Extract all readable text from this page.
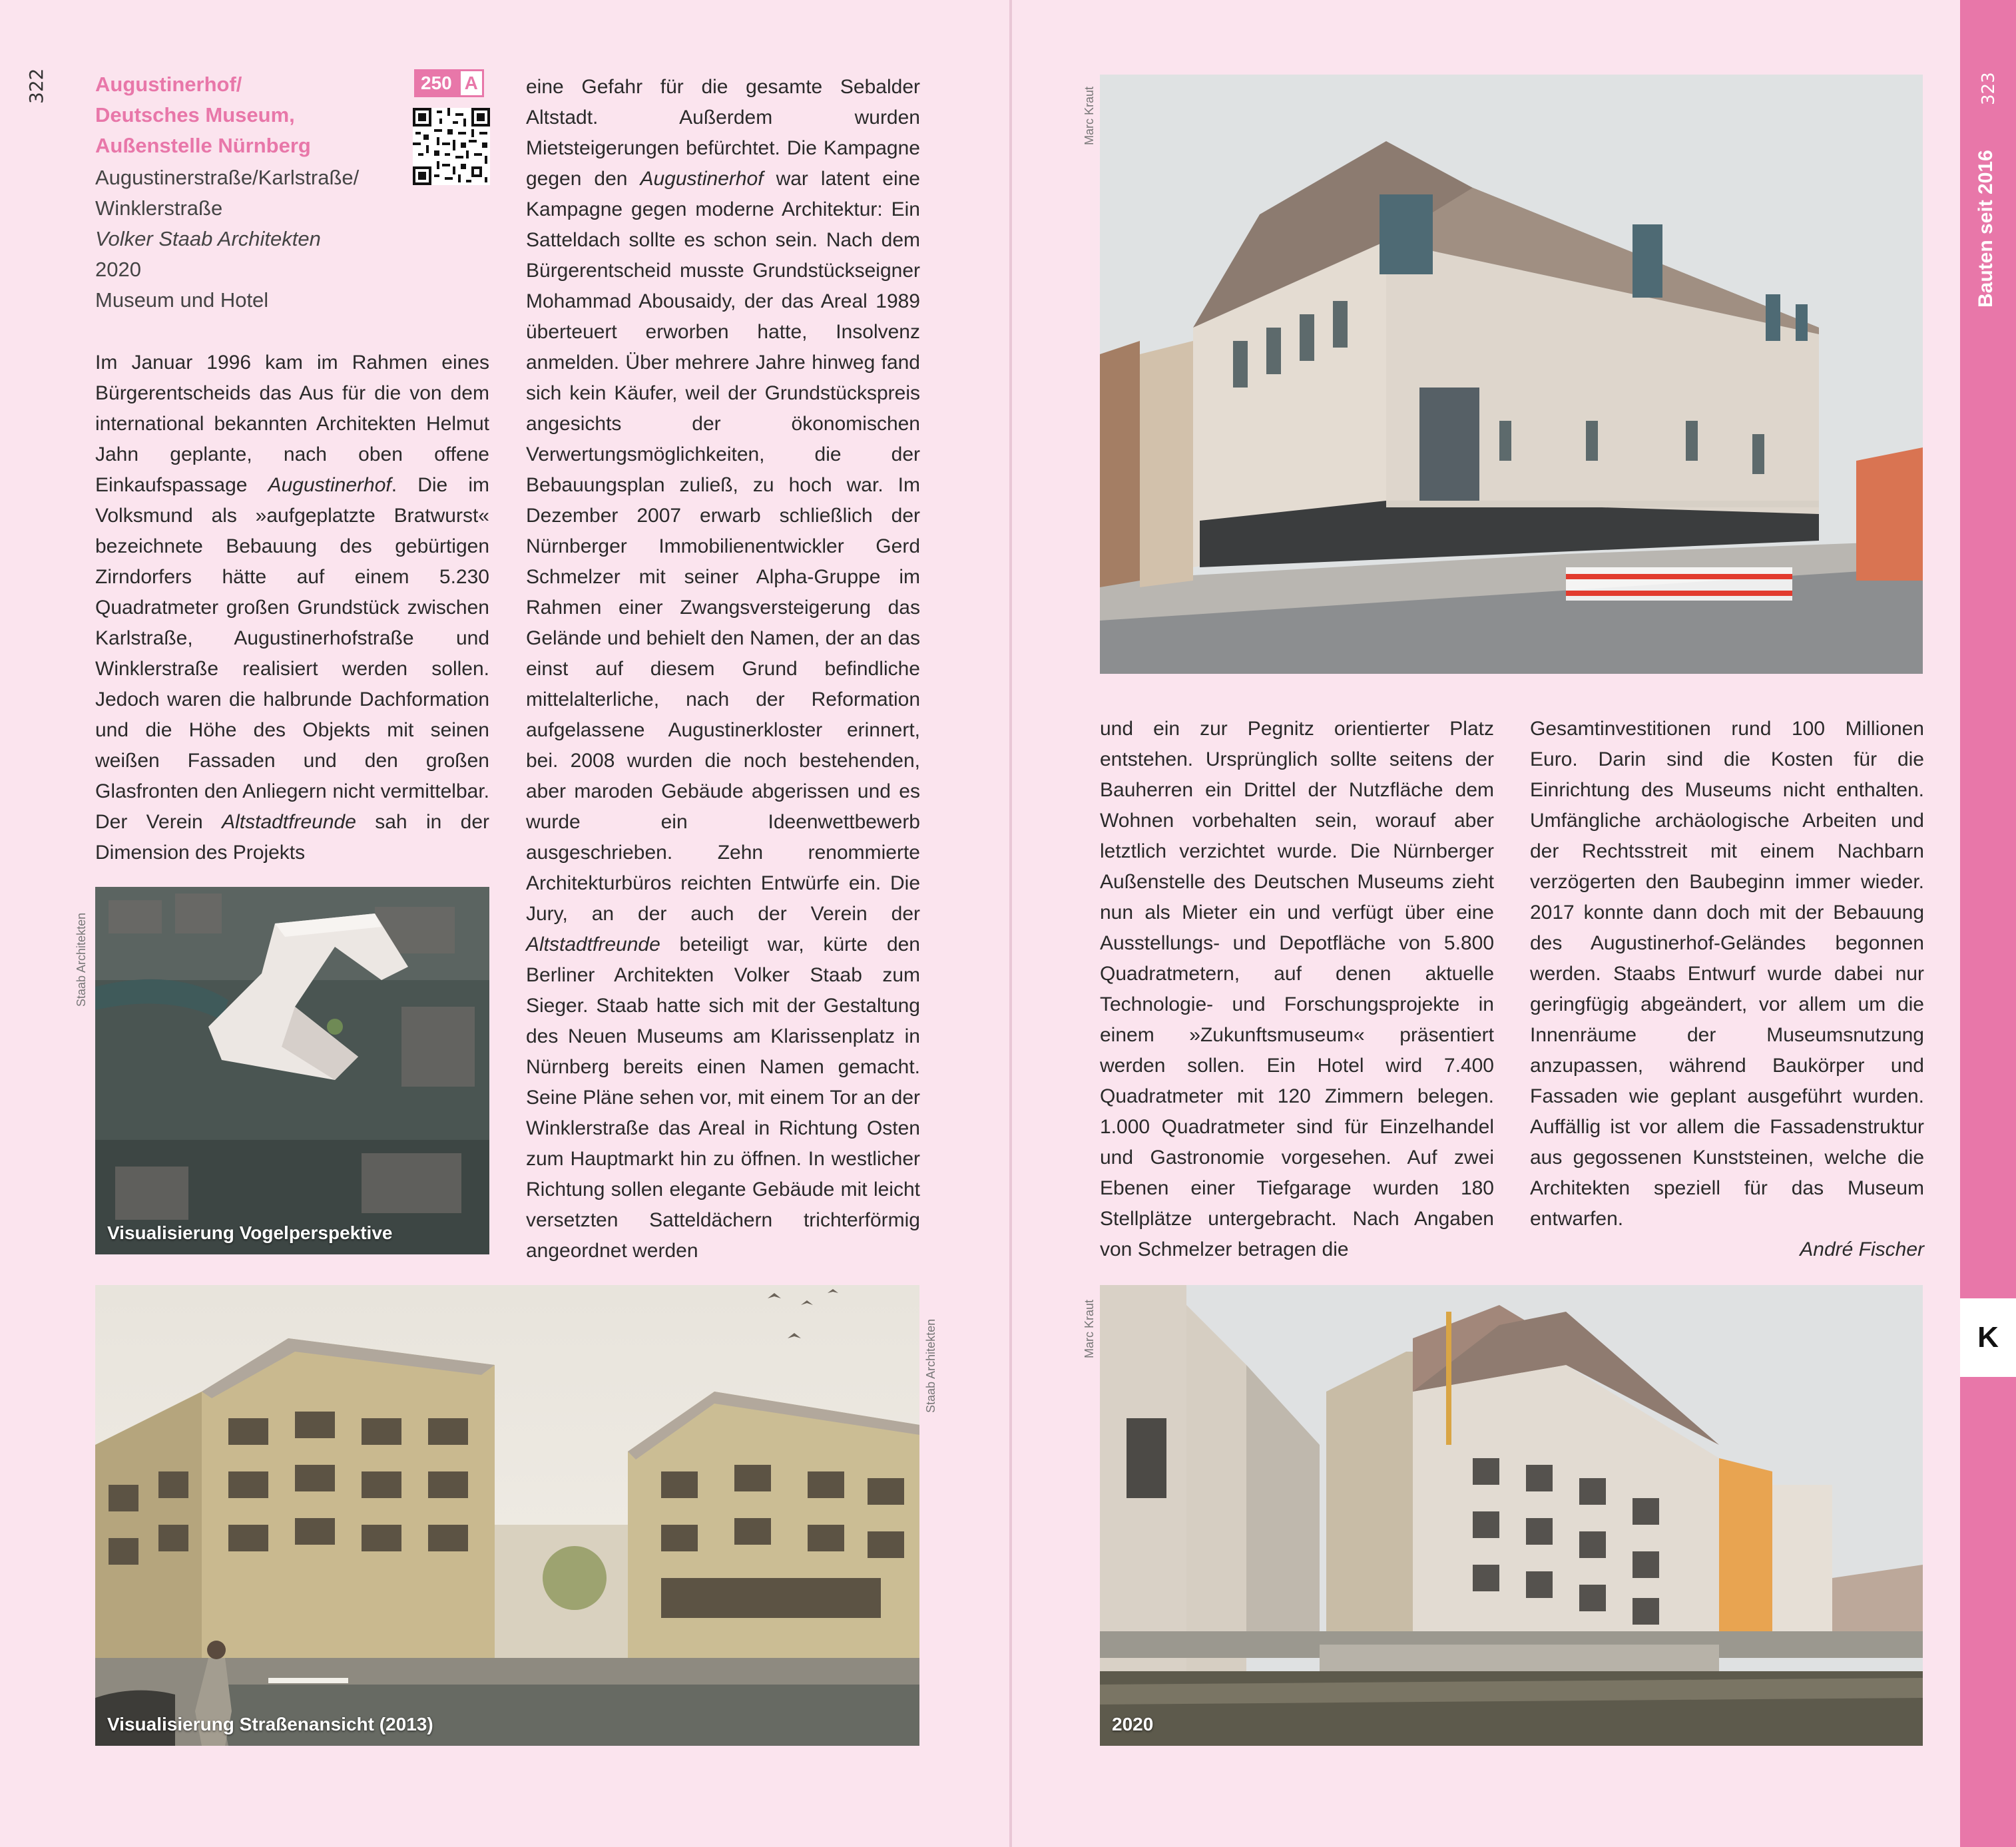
322 Augustinerhof/
Deutsches Museum,
Außenstelle Nürnberg
250 A
Augustinerstraße/Karlstraße/
Winklerstraße
Volker Staab Architekten
2020
Museum und Hotel

Im Januar 1996 kam im Rahmen eines Bürgerentscheids das Aus für die von dem international bekannten Architekten Helmut Jahn geplante, nach oben offene Einkaufspassage Augustinerhof. Die im Volksmund als »aufgeplatzte Bratwurst« bezeichnete Bebauung des gebürtigen Zirndorfers hätte auf einem 5.230 Quadratmeter großen Grundstück zwischen Karlstraße, Augustinerhofstraße und Winklerstraße realisiert werden sollen. Jedoch waren die halbrunde Dachformation und die Höhe des Objekts mit seinen weißen Fassaden und den großen Glasfronten den Anliegern nicht vermittelbar. Der Verein Altstadtfreunde sah in der Dimension des Projekts

eine Gefahr für die gesamte Sebalder Altstadt. Außerdem wurden Mietsteigerungen befürchtet. Die Kampagne gegen den Augustinerhof war latent eine Kampagne gegen moderne Architektur: Ein Satteldach sollte es schon sein. Nach dem Bürgerentscheid musste Grundstückseigner Mohammad Abousaidy, der das Areal 1989 überteuert erworben hatte, Insolvenz anmelden. Über mehrere Jahre hinweg fand sich kein Käufer, weil der Grundstückspreis angesichts der ökonomischen Verwertungsmöglichkeiten, die der Bebauungsplan zuließ, zu hoch war. Im Dezember 2007 erwarb schließlich der Nürnberger Immobilienentwickler Gerd Schmelzer mit seiner Alpha-Gruppe im Rahmen einer Zwangsversteigerung das Gelände und behielt den Namen, der an das einst auf diesem Grund befindliche mittelalterliche, nach der Reformation aufgelassene Augustinerkloster erinnert, bei. 2008 wurden die noch bestehenden, aber maroden Gebäude abgerissen und es wurde ein Ideenwettbewerb ausgeschrieben. Zehn renommierte Architekturbüros reichten Entwürfe ein. Die Jury, an der auch der Verein der Altstadtfreunde beteiligt war, kürte den Berliner Architekten Volker Staab zum Sieger. Staab hatte sich mit der Gestaltung des Neuen Museums am Klarissenplatz in Nürnberg bereits einen Namen gemacht. Seine Pläne sehen vor, mit einem Tor an der Winklerstraße das Areal in Richtung Osten zum Hauptmarkt hin zu öffnen. In westlicher Richtung sollen elegante Gebäude mit leicht versetzten Satteldächern trichterförmig angeordnet werden

Staab Architekten
Visualisierung Vogelperspektive
Visualisierung Straßenansicht (2013)
Staab Architekten
Marc Kraut

und ein zur Pegnitz orientierter Platz entstehen. Ursprünglich sollte seitens der Bauherren ein Drittel der Nutzfläche dem Wohnen vorbehalten sein, worauf aber letztlich verzichtet wurde. Die Nürnberger Außenstelle des Deutschen Museums zieht nun als Mieter ein und verfügt über eine Ausstellungs- und Depotfläche von 5.800 Quadratmetern, auf denen aktuelle Technologie- und Forschungsprojekte in einem »Zukunftsmuseum« präsentiert werden sollen. Ein Hotel wird 7.400 Quadratmeter mit 120 Zimmern belegen. 1.000 Quadratmeter sind für Einzelhandel und Gastronomie vorgesehen. Auf zwei Ebenen einer Tiefgarage wurden 180 Stellplätze untergebracht. Nach Angaben von Schmelzer betragen die

Gesamtinvestitionen rund 100 Millionen Euro. Darin sind die Kosten für die Einrichtung des Museums nicht enthalten. Umfängliche archäologische Arbeiten und der Rechtsstreit mit einem Nachbarn verzögerten den Baubeginn immer wieder. 2017 konnte dann doch mit der Bebauung des Augustinerhof-Geländes begonnen werden. Staabs Entwurf wurde dabei nur geringfügig abgeändert, vor allem um die Innenräume der Museumsnutzung anzupassen, während Baukörper und Fassaden wie geplant ausgeführt wurden. Auffällig ist vor allem die Fassadenstruktur aus gegossenen Kunststeinen, welche die Architekten speziell für das Museum entwarfen.

André Fischer

Marc Kraut
2020
323
Bauten seit 2016
K
